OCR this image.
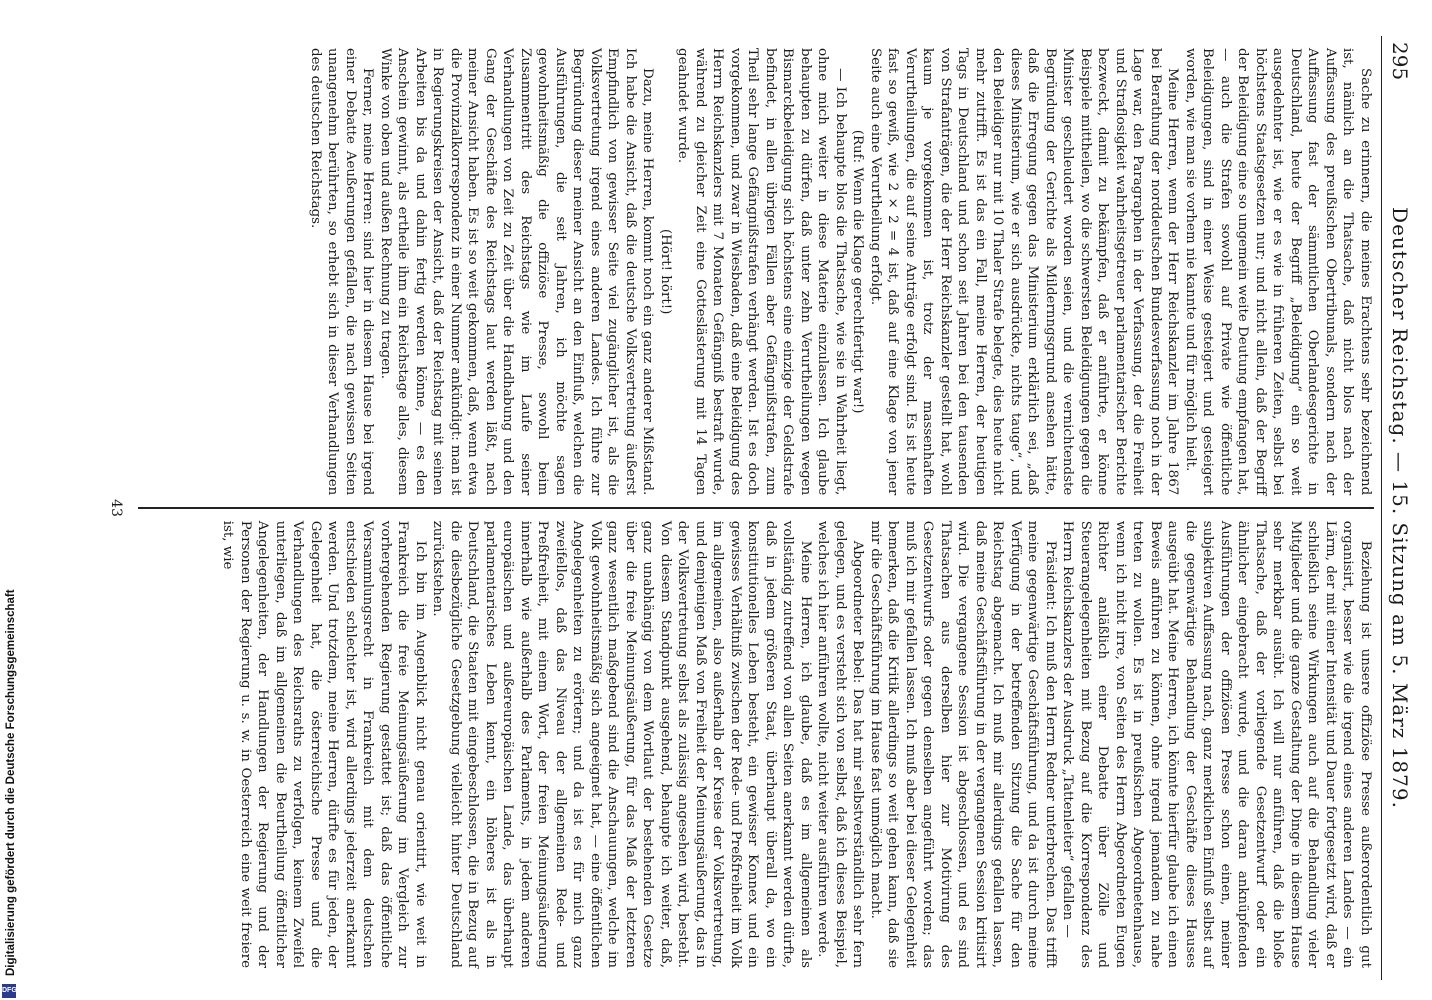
295
Deutscher Reichstag. — 15. Sitzung am 5. März 1879.

Sache zu erinnern, die meines Erachtens sehr bezeichnend ist, nämlich an die Thatsache, daß nicht blos nach der Auffassung des preußischen Obertribunals, sondern nach der Auffassung fast der sämmtlichen Oberlandesgerichte in Deutschland, heute der Begriff „Beleidigung“ ein so weit ausgedehnter ist, wie er es wie in früheren Zeiten, selbst bei höchstens Staatsgesetzen nur; und nicht allein, daß der Begriff der Beleidigung eine so ungemein weite Deutung empfangen hat, — auch die Strafen sowohl auf Private wie öffentliche Beleidigungen, sind in einer Weise gesteigert und gesteigert worden, wie man sie vorhem nie kannte und für möglich hielt.

Meine Herren, wenn der Herr Reichskanzler im Jahre 1867 bei Berathung der norddeutschen Bundesverfassung noch in der Lage war, den Paragraphen in der Verfassung, der die Freiheit und Straflosigkeit wahrheitsgetreuer parlamentarischer Berichte bezweckt, damit zu bekämpfen, daß er anführte, er könne Beispiele mittheilen, wo die schwersten Beleidigungen gegen die Minister geschleudert worden seien, und die vernichtendste Begründung der Gerichte als Mildernngsgrund ansehen hätte, daß die Erregung gegen das Ministerium erklärlich sei, „daß dieses Ministerium, wie er sich ausdrückte, nichts tauge“, und den Beleidiger nur mit 10 Thaler Strafe belegte, dies heute nicht mehr zutrifft. Es ist das ein Fall, meine Herren, der heutigen Tags in Deutschland und schon seit Jahren bei den tausenden von Strafanträgen, die der Herr Reichskanzler gestellt hat, wohl kaum je vorgekommen ist, trotz der massenhaften Verurtheilungen, die auf seine Anträge erfolgt sind. Es ist heute fast so gewiß, wie 2 × 2 = 4 ist, daß auf eine Klage von jener Seite auch eine Verurtheilung erfolgt.

(Ruf: Wenn die Klage gerechtfertigt war!)

— Ich behaupte blos die Thatsache, wie sie in Wahrheit liegt, ohne mich weiter in diese Materie einzulassen. Ich glaube behaupten zu dürfen, daß unter zehn Verurtheilungen wegen Bismarckbeleidigung sich höchstens eine einzige der Geldstrafe befindet, in allen übrigen Fällen aber Gefängnißstrafen, zum Theil sehr lange Gefängnißstrafen verhängt werden. Ist es doch vorgekommen, und zwar in Wiesbaden, daß eine Beleidigung des Herrn Reichskanzlers mit 7 Monaten Gefängniß bestraft wurde, während zu gleicher Zeit eine Gotteslästerung mit 14 Tagen geahndet wurde.

(Hört! hört!)

Dazu, meine Herren, kommt noch ein ganz anderer Mißstand. Ich habe die Ansicht, daß die deutsche Volksvertretung äußerst Empfindlich von gewisser Seite viel zugänglicher ist, als die Volksvertretung irgend eines anderen Landes. Ich führe zur Begründung dieser meiner Ansicht an den Einfluß, welchen die Ausführungen, die seit Jahren, ich möchte sagen gewohnheitsmäßig die offiziöse Presse, sowohl beim Zusammentritt des Reichstags wie im Laufe seiner Verhandlungen von Zeit zu Zeit über die Handhabung und den Gang der Geschäfte des Reichstags laut werden läßt, nach meiner Ansicht haben. Es ist so weit gekommen, daß, wenn etwa die Provinzialkorrespondenz in einer Nummer ankündigt: man ist in Regierungskreisen der Ansicht, daß der Reichstag mit seinen Arbeiten bis da und dahin fertig werden könne, — es den Anschein gewinnt, als ertheile ihm ein Reichstage alles, diesem Winke von oben und außen Rechnung zu tragen.

Ferner, meine Herren: sind hier in diesem Hause bei irgend einer Debatte Aeußerungen gefallen, die nach gewissen Seiten unangenehm berührten, so erhebt sich in dieser Verhandlungen des deutschen Reichstags.

Beziehung ist unsere offiziöse Presse außerordentlich gut organisirt, besser wie die irgend eines anderen Landes — ein Lärm, der mit einer Intensität und Dauer fortgesetzt wird, daß er schließlich seine Wirkungen auch auf die Behandlung vieler Mitglieder und die ganze Gestaltung der Dinge in diesem Hause sehr merkbar ausübt. Ich will nur anführen, daß die bloße Thatsache, daß der vorliegende Gesetzentwurf oder ein ähnlicher eingebracht wurde, und die daran anknüpfenden Ausführungen der offiziösen Presse schon einen, meiner subjektiven Auffassung nach, ganz merklichen Einfluß selbst auf die gegenwärtige Behandlung der Geschäfte dieses Hauses ausgeübt hat. Meine Herren, ich könnte hierfür glaube ich einen Beweis anführen zu können, ohne irgend jemandem zu nahe treten zu wollen. Es ist in preußischen Abgeordnetenhause, wenn ich nicht irre, von Seiten des Herrn Abgeordneten Eugen Richter anläßlich einer Debatte über Zölle und Steuerangelegenheiten mit Bezug auf die Korrespondenz des Herrn Reichskanzlers der Ausdruck „Tattenleiter“ gefallen —

Präsident: Ich muß den Herrn Redner unterbrechen. Das trifft meine gegenwärtige Geschäftsführung, und da ist durch meine Verfügung in der betreffenden Sitzung die Sache für den Reichstag abgemacht. Ich muß mir allerdings gefallen lassen, daß meine Geschäftsführung in der vergangenen Session kritisirt wird. Die vergangene Session ist abgeschlossen, und es sind Thatsachen aus derselben hier zur Motivirung des Gesetzentwurfs oder gegen denselben angeführt worden; das muß ich mir gefallen lassen. Ich muß aber bei dieser Gelegenheit bemerken, daß die Kritik allerdings so weit gehen kann, daß sie mir die Geschäftsführung im Hause fast unmöglich macht.

Abgeordneter Bebel: Das hat mir selbstverständlich sehr fern gelegen, und es versteht sich von selbst, daß ich dieses Beispiel, welches ich hier anführen wollte, nicht weiter ausführen werde.

Meine Herren, ich glaube, daß es im allgemeinen als vollständig zutreffend von allen Seiten anerkannt werden dürfte, daß in jedem größeren Staat, überhaupt überall da, wo ein konstitutionelles Leben besteht, ein gewisser Konnex und ein gewisses Verhältniß zwischen der Rede- und Preßfreiheit im Volk im allgemeinen, also außerhalb der Kreise der Volksvertretung, und demjenigen Maß von Freiheit der Meinungsäußerung, das in der Volksvertretung selbst als zulässig angesehen wird, besteht. Von diesem Standpunkt ausgehend, behaupte ich weiter, daß, ganz unabhängig von dem Wortlaut der bestehenden Gesetze über die freie Meinungsäußerung, für das Maß der letzteren ganz wesentlich maßgebend sind die Anschauungen, welche im Volk gewohnheitsmäßig sich angeeignet hat, — eine öffentlichen Angelegenheiten zu erörtern; und da ist es für mich ganz zweifellos, daß das Niveau der allgemeinen Rede- und Preßfreiheit, mit einem Wort, der freien Meinungsäußerung innerhalb wie außerhalb des Parlaments, in jedem anderen europäischen und außereuropäischen Lande, das überhaupt parlamentarisches Leben kennt, ein höheres ist als in Deutschland, die Staaten mit eingebeschlossen, die in Bezug auf die diesbezügliche Gesetzgebung vielleicht hinter Deutschland zurückstehen.

Ich bin im Augenblick nicht genau orientirt, wie weit in Frankreich die freie Meinungsäußerung im Vergleich zur vorhergehenden Regierung gestattet ist; daß das öffentliche Versammlungsrecht in Frankreich mit dem deutschen entschieden schlechter ist, wird allerdings jederzeit anerkannt werden. Und trotzdem, meine Herren, dürfte es für jeden, der Gelegenheit hat, die österreichische Presse und die Verhandlungen des Reichsraths zu verfolgen, keinem Zweifel unterliegen, daß im allgemeinen die Beurtheilung öffentlicher Angelegenheiten, der Handlungen der Regierung und der Personen der Regierung u. s. w. in Oesterreich eine weit freiere ist, wie

43
Digitalisierung gefördert durch die Deutsche Forschungsgemeinschaft
DFG
